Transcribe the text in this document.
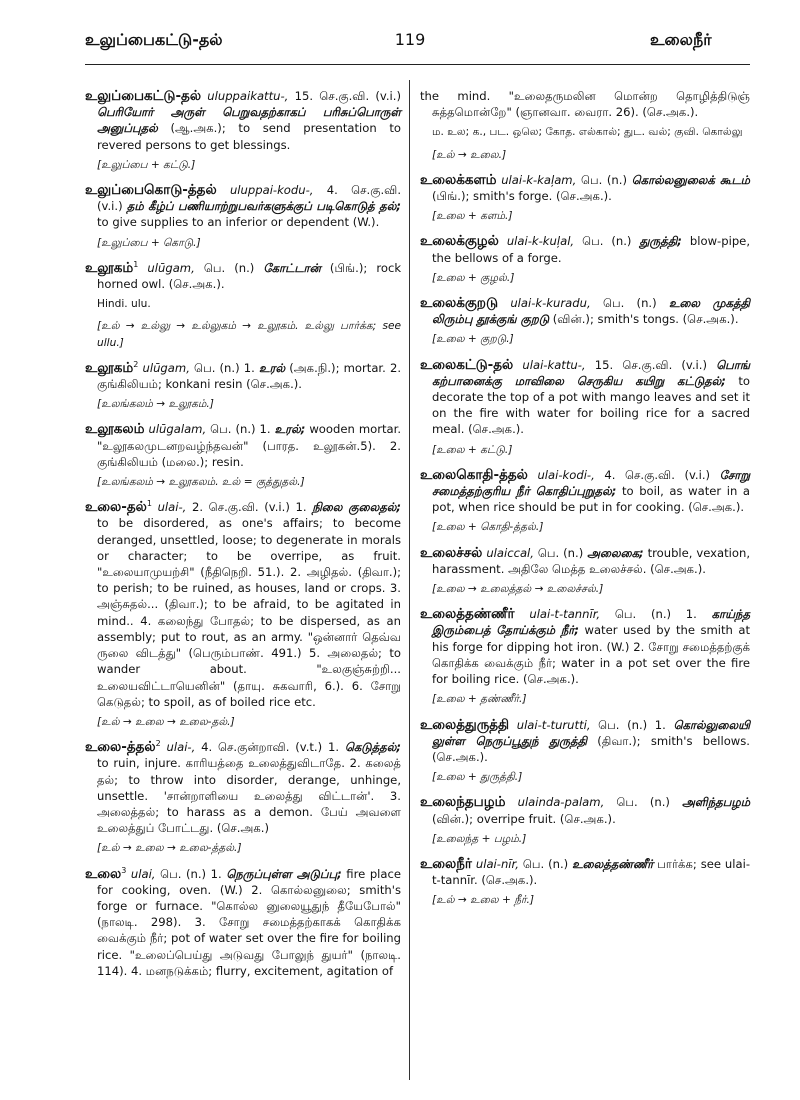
உலுப்பைகட்டு-தல்	119	உலைநீர்
உலுப்பைகட்டு-தல் uluppaikattu-, 15. செ.கு.வி. (v.i.) பெரியோர் அருள் பெறுவதற்காகப் பரிசுப்பொருள் அனுப்புதல் (ஆ.அக.); to send presentation to revered persons to get blessings.
[உலுப்பை + கட்டு.]
உலுப்பைகொடு-த்தல் uluppai-kodu-, 4. செ.கு.வி. (v.i.) தம் கீழ்ப் பணியாற்றுபவர்களுக்குப் படிகொடுத் தல்; to give supplies to an inferior or dependent (W.).
[உலுப்பை + கொடு.]
உலூகம்$^1$ ulūgam, பெ. (n.) கோட்டான் (பிங்.); rock horned owl. (செ.அக.).
Hindi. ulu.
[உல் → உல்லு → உல்லுகம் → உலூகம். உல்லு பார்க்க; see ullu.]
உலூகம்$^2$ ulūgam, பெ. (n.) 1. உரல் (அக.நி.); mortar. 2. குங்கிலியம்; konkani resin (செ.அக.).
[உலங்கலம் → உலூகம்.]
உலூகலம் ulūgalam, பெ. (n.) 1. உரல்; wooden mortar. "உலூகலமுடனறவழ்ந்தவன்" (பாரத. உலூகன்.5). 2. குங்கிலியம் (மலை.); resin.
[உலங்கலம் → உலூகலம். உல் = குத்துதல்.]
உலை-தல்$^1$ ulai-, 2. செ.கு.வி. (v.i.) 1. நிலை குலைதல்; to be disordered, as one's affairs; to become deranged, unsettled, loose; to degenerate in morals or character; to be overripe, as fruit. "உலையாமுயற்சி" (நீதிநெறி. 51.). 2. அழிதல். (திவா.); to perish; to be ruined, as houses, land or crops. 3. அஞ்சுதல்... (திவா.); to be afraid, to be agitated in mind.. 4. கலைந்து போதல்; to be dispersed, as an assembly; put to rout, as an army. "ஒன்னார் தெவ்வ ருலை விடத்து" (பெரும்பாண். 491.) 5. அலைதல்; to wander about. "உலகுஞ்சுற்றி... உலையவிட்டாயெனின்" (தாயு. சுகவாரி, 6.). 6. சோறு கெடுதல்; to spoil, as of boiled rice etc.
[உல் → உலை → உலை-தல்.]
உலை-த்தல்$^2$ ulai-, 4. செ.குன்றாவி. (v.t.) 1. கெடுத்தல்; to ruin, injure. காரியத்தை உலைத்துவிடாதே. 2. கலைத் தல்; to throw into disorder, derange, unhinge, unsettle. 'சான்றாளியை உலைத்து விட்டான்'. 3. அலைத்தல்; to harass as a demon. பேய் அவளை உலைத்துப் போட்டது. (செ.அக.)
[உல் → உலை → உலை-த்தல்.]
உலை$^3$ ulai, பெ. (n.) 1. நெருப்புள்ள அடுப்பு; fire place for cooking, oven. (W.) 2. கொல்லனுலை; smith's forge or furnace. "கொல்ல னுலையூதுந் தீயேபோல்" (நாலடி. 298). 3. சோறு சமைத்தற்காகக் கொதிக்க வைக்கும் நீர்; pot of water set over the fire for boiling rice. "உலைப்பெய்து அடுவது போலுந் துயர்" (நாலடி. 114). 4. மனநடுக்கம்; flurry, excitement, agitation of
the mind. "உலைதருமலின மொன்ற தொழித்திடுஞ் சுத்தமொன்றே" (ஞானவா. வைரா. 26). (செ.அக.).
ம. உல; க., பட. ஒலெ; கோத. எல்கால்; துட. வல்; குவி. கொல்லு
[உல் → உலை.]
உலைக்களம் ulai-k-kaļam, பெ. (n.) கொல்லனுலைக் கூடம் (பிங்.); smith's forge. (செ.அக.).
[உலை + களம்.]
உலைக்குழல் ulai-k-kuļal, பெ. (n.) துருத்தி; blow-pipe, the bellows of a forge.
[உலை + குழல்.]
உலைக்குறடு ulai-k-kuradu, பெ. (n.) உலை முகத்தி லிரும்பு தூக்குங் குறடு (வின்.); smith's tongs. (செ.அக.).
[உலை + குறடு.]
உலைகட்டு-தல் ulai-kattu-, 15. செ.கு.வி. (v.i.) பொங் கற்பானைக்கு மாவிலை செருகிய கயிறு கட்டுதல்; to decorate the top of a pot with mango leaves and set it on the fire with water for boiling rice for a sacred meal. (செ.அக.).
[உலை + கட்டு.]
உலைகொதி-த்தல் ulai-kodi-, 4. செ.கு.வி. (v.i.) சோறு சமைத்தற்குரிய நீர் கொதிப்புறுதல்; to boil, as water in a pot, when rice should be put in for cooking. (செ.அக.).
[உலை + கொதி-த்தல்.]
உலைச்சல் ulaiccal, பெ. (n.) அலைகை; trouble, vexation, harassment. அதிலே மெத்த உலைச்சல். (செ.அக.).
[உலை → உலைத்தல் → உலைச்சல்.]
உலைத்தண்ணீர் ulai-t-tannīr, பெ. (n.) 1. காய்ந்த இரும்பைத் தோய்க்கும் நீர்; water used by the smith at his forge for dipping hot iron. (W.) 2. சோறு சமைத்தற்குக் கொதிக்க வைக்கும் நீர்; water in a pot set over the fire for boiling rice. (செ.அக.).
[உலை + தண்ணீர்.]
உலைத்துருத்தி ulai-t-turutti, பெ. (n.) 1. கொல்லுலையி லுள்ள நெருப்பூதுந் துருத்தி (திவா.); smith's bellows. (செ.அக.).
[உலை + துருத்தி.]
உலைந்தபழம் ulainda-palam, பெ. (n.) அளிந்தபழம் (வின்.); overripe fruit. (செ.அக.).
[உலைந்த + பழம்.]
உலைநீர் ulai-nīr, பெ. (n.) உலைத்தண்ணீர் பார்க்க; see ulai-t-tannīr. (செ.அக.).
[உல் → உலை + நீர்.]
